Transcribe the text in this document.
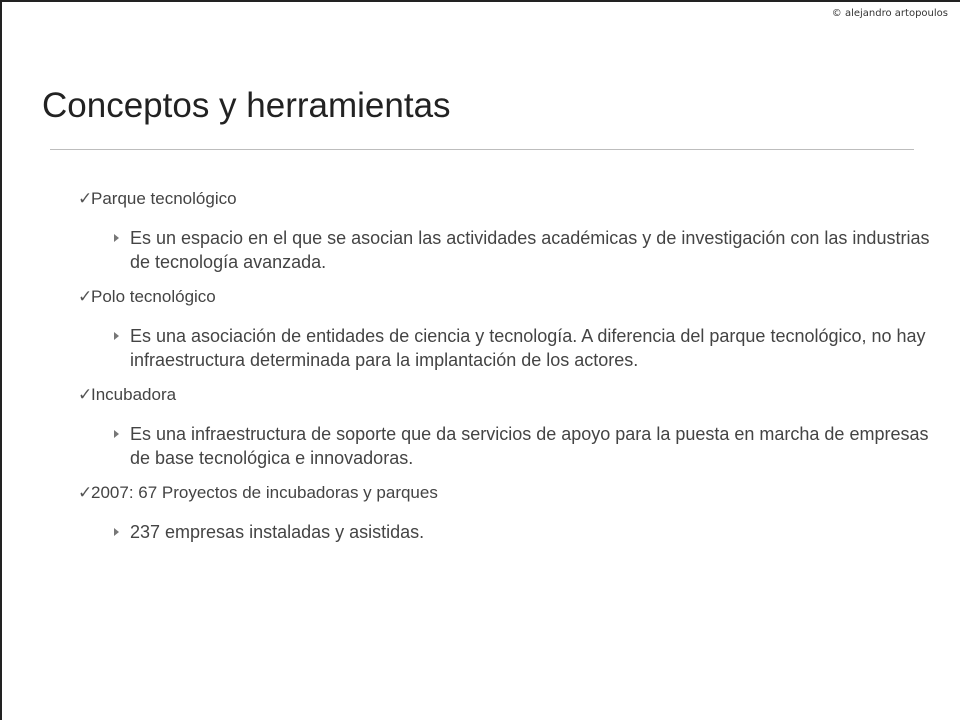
© alejandro artopoulos
Conceptos y herramientas
✓Parque tecnológico
Es un espacio en el que se asocian las actividades académicas y de investigación con las industrias de tecnología avanzada.
✓Polo tecnológico
Es una asociación de entidades de ciencia y tecnología. A diferencia del parque tecnológico, no hay infraestructura determinada para la implantación de los actores.
✓Incubadora
Es una infraestructura de soporte que da servicios de apoyo para la puesta en marcha de empresas de base tecnológica e innovadoras.
✓2007: 67 Proyectos de incubadoras y parques
237 empresas instaladas y asistidas.
